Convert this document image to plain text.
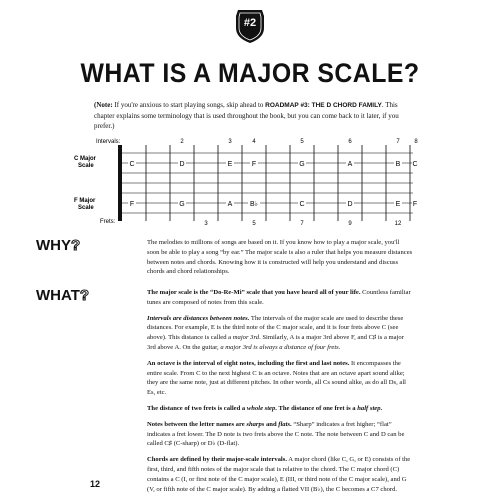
#2
WHAT IS A MAJOR SCALE?
(Note: If you're anxious to start playing songs, skip ahead to ROADMAP #3: THE D CHORD FAMILY. This chapter explains some terminology that is used throughout the book, but you can come back to it later, if you prefer.)
Intervals:
Frets:
C Major
Scale
F Major
Scale
2	3	4	5	6	7 8
3	5	7	9	12
C	D	E	F	G	A	B C
F	G	A	B♭	C	D	E F
WHY?	The melodies to millions of songs are based on it. If you know how to play a major scale, you'll soon be able to play a song “by ear.” The major scale is also a ruler that helps you measure distances between notes and chords. Knowing how it is constructed will help you understand and discuss chords and chord relationships.
WHAT?	The major scale is the “Do-Re-Mi” scale that you have heard all of your life. Countless familiar tunes are composed of notes from this scale.

Intervals are distances between notes. The intervals of the major scale are used to describe these distances. For example, E is the third note of the C major scale, and it is four frets above C (see above). This distance is called a major 3rd. Similarly, A is a major 3rd above F, and C♯ is a major 3rd above A. On the guitar, a major 3rd is always a distance of four frets.

An octave is the interval of eight notes, including the first and last notes. It encompasses the entire scale. From C to the next highest C is an octave. Notes that are an octave apart sound alike; they are the same note, just at different pitches. In other words, all Cs sound alike, as do all Ds, all Es, etc.

The distance of two frets is called a whole step. The distance of one fret is a half step.

Notes between the letter names are sharps and flats. “Sharp” indicates a fret higher; “flat” indicates a fret lower. The D note is two frets above the C note. The note between C and D can be called C♯ (C-sharp) or D♭ (D-flat).

Chords are defined by their major-scale intervals. A major chord (like C, G, or E) consists of the first, third, and fifth notes of the major scale that is relative to the chord. The C major chord (C) contains a C (I, or first note of the C major scale), E (III, or third note of the C major scale), and G (V, or fifth note of the C major scale). By adding a flatted VII (B♭), the C becomes a C7 chord.

12
